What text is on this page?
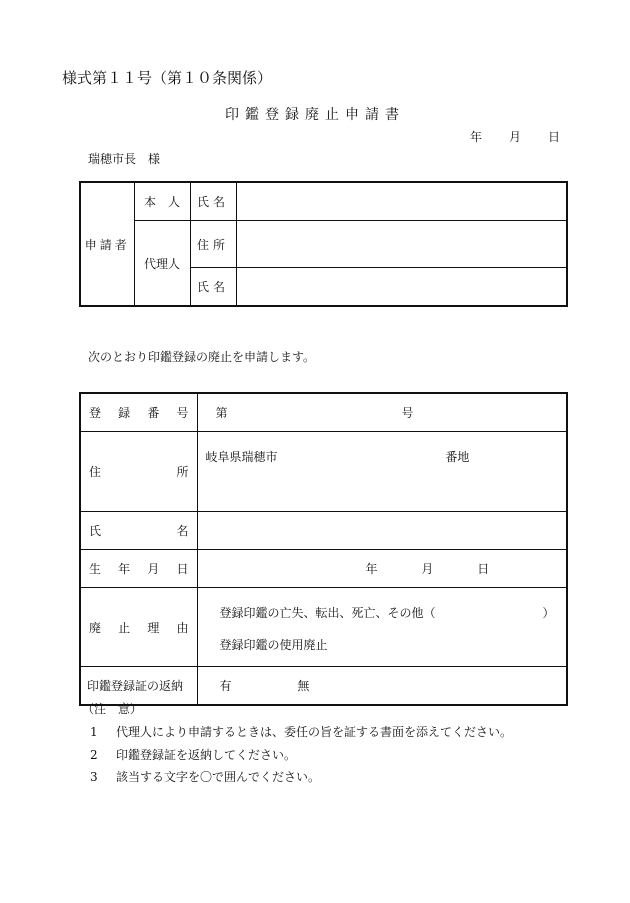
様式第１１号（第１０条関係）
印鑑登録廃止申請書
年 月 日
瑞穂市長　様
申請者	本　人	氏名	
	代理人	住所	
		氏名	
次のとおり印鑑登録の廃止を申請します。
登録番号	第 号
住所	岐阜県瑞穂市 番地
氏名	
生年月日	年 月 日
廃止理由	登録印鑑の亡失、転出、死亡、その他（ ）
登録印鑑の使用廃止

印鑑登録証の返納	有 無
（注　意）
1 代理人により申請するときは、委任の旨を証する書面を添えてください。
2 印鑑登録証を返納してください。
3 該当する文字を〇で囲んでください。
